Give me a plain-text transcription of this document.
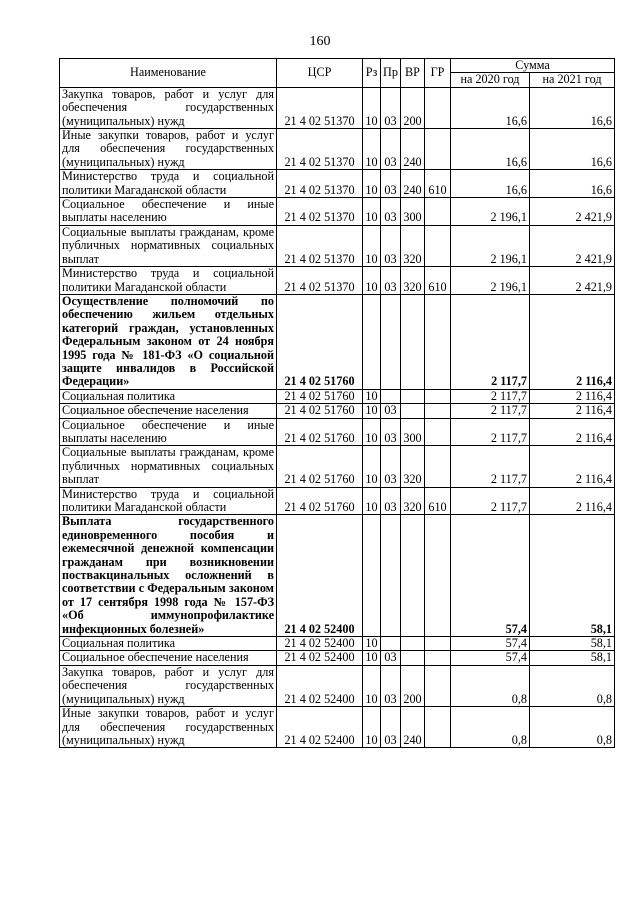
160
Наименование	ЦСР	Рз	Пр	ВР	ГР	Сумма	
						на 2020 год	на 2021 год
Закупка товаров, работ и услуг для обеспечения государственных (муниципальных) нужд	21 4 02 51370	10	03	200		16,6	16,6
Иные закупки товаров, работ и услуг для обеспечения государственных (муниципальных) нужд	21 4 02 51370	10	03	240		16,6	16,6
Министерство труда и социальной политики Магаданской области	21 4 02 51370	10	03	240	610	16,6	16,6
Социальное обеспечение и иные выплаты населению	21 4 02 51370	10	03	300		2 196,1	2 421,9
Социальные выплаты гражданам, кроме публичных нормативных социальных выплат	21 4 02 51370	10	03	320		2 196,1	2 421,9
Министерство труда и социальной политики Магаданской области	21 4 02 51370	10	03	320	610	2 196,1	2 421,9
Осуществление полномочий по обеспечению жильем отдельных категорий граждан, установленных Федеральным законом от 24 ноября 1995 года № 181-ФЗ «О социальной защите инвалидов в Российской Федерации»	21 4 02 51760					2 117,7	2 116,4
Социальная политика	21 4 02 51760	10				2 117,7	2 116,4
Социальное обеспечение населения	21 4 02 51760	10	03			2 117,7	2 116,4
Социальное обеспечение и иные выплаты населению	21 4 02 51760	10	03	300		2 117,7	2 116,4
Социальные выплаты гражданам, кроме публичных нормативных социальных выплат	21 4 02 51760	10	03	320		2 117,7	2 116,4
Министерство труда и социальной политики Магаданской области	21 4 02 51760	10	03	320	610	2 117,7	2 116,4
Выплата государственного единовременного пособия и ежемесячной денежной компенсации гражданам при возникновении поствакцинальных осложнений в соответствии с Федеральным законом от 17 сентября 1998 года № 157-ФЗ «Об иммунопрофилактике инфекционных болезней»	21 4 02 52400					57,4	58,1
Социальная политика	21 4 02 52400	10				57,4	58,1
Социальное обеспечение населения	21 4 02 52400	10	03			57,4	58,1
Закупка товаров, работ и услуг для обеспечения государственных (муниципальных) нужд	21 4 02 52400	10	03	200		0,8	0,8
Иные закупки товаров, работ и услуг для обеспечения государственных (муниципальных) нужд	21 4 02 52400	10	03	240		0,8	0,8
